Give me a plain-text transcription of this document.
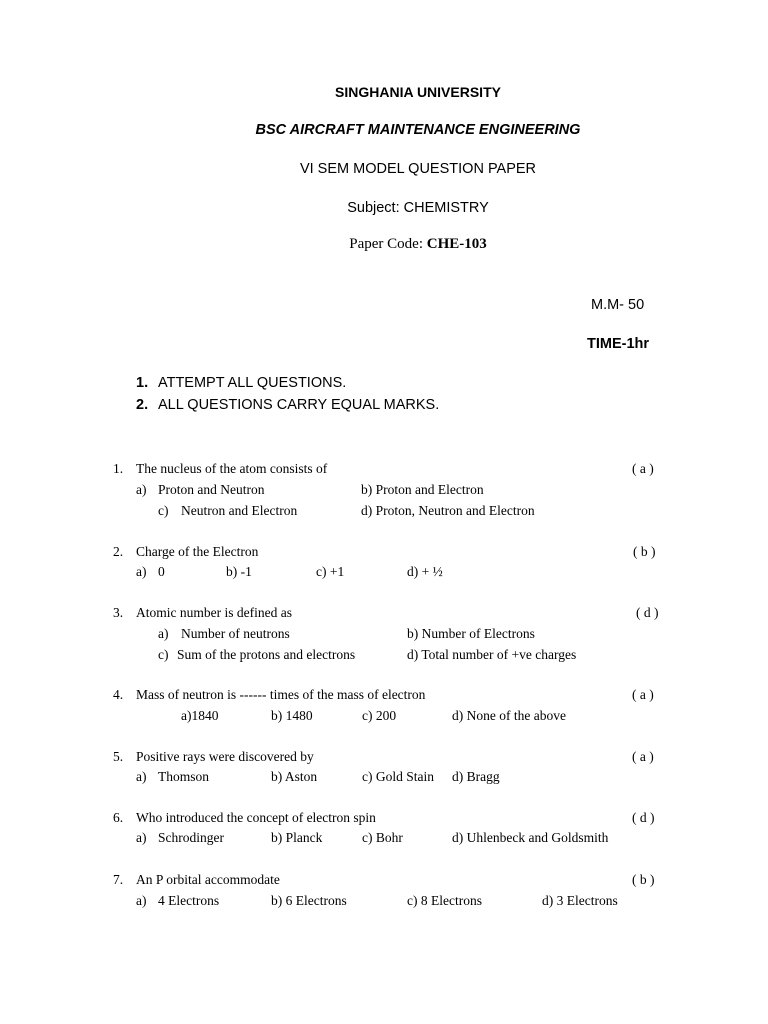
SINGHANIA UNIVERSITY
BSC AIRCRAFT MAINTENANCE ENGINEERING
VI SEM MODEL QUESTION PAPER
Subject: CHEMISTRY
Paper Code: CHE-103
M.M- 50
TIME-1hr
1. ATTEMPT ALL QUESTIONS.
2. ALL QUESTIONS CARRY EQUAL MARKS.
1. The nucleus of the atom consists of	( a )
a) Proton and Neutron	b) Proton and Electron
c) Neutron and Electron	d) Proton, Neutron and Electron
2. Charge of the Electron	( b )
a) 0	b) -1	c) +1	d) + ½
3. Atomic number is defined as	( d )
a) Number of neutrons	b) Number of Electrons
c) Sum of the protons and electrons	d) Total number of +ve charges
4. Mass of neutron is ------ times of the mass of electron	( a )
a)1840	b) 1480	c) 200	d) None of the above
5. Positive rays were discovered by	( a )
a) Thomson	b) Aston	c) Gold Stain d) Bragg
6. Who introduced the concept of electron spin	( d )
a) Schrodinger	b) Planck	c) Bohr	d) Uhlenbeck and Goldsmith
7. An P orbital accommodate	( b )
a) 4 Electrons	b) 6 Electrons	c) 8 Electrons	d) 3 Electrons
